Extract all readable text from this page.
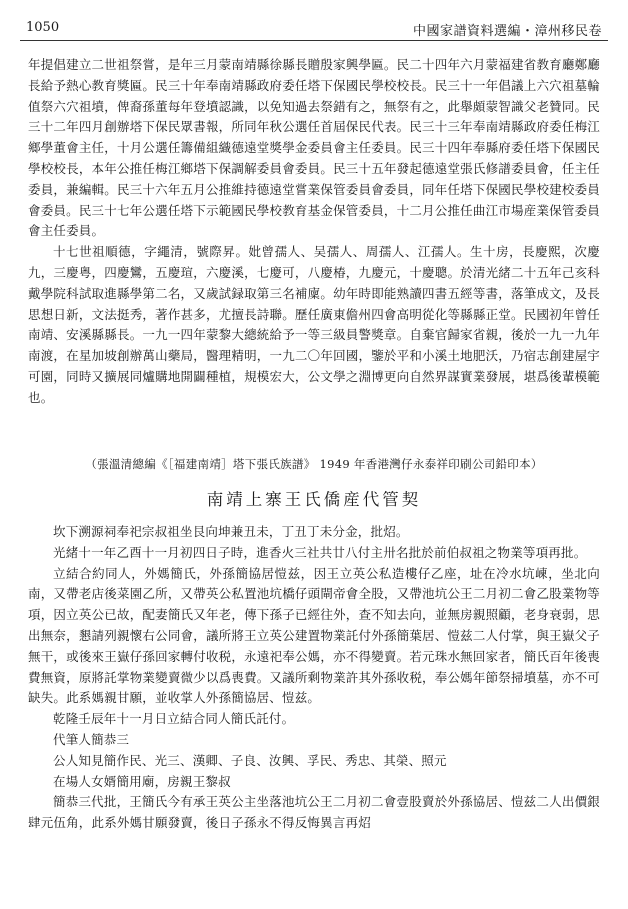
1050	中國家譜資料選編・漳州移民卷

年提倡建立二世祖祭嘗，是年三月蒙南靖縣徐縣長贈殷家興學匾。民二十四年六月蒙福建省教育廳鄭廳長給予熱心教育獎匾。民三十年奉南靖縣政府委任塔下保國民學校校長。民三十一年倡議上六穴祖墓輪值祭六穴祖墳，俾裔孫董每年登墳認識，以免知過去祭錯有之，無祭有之，此舉頗蒙智識父老贊同。民三十二年四月創辦塔下保民眾書報，所同年秋公選任首屆保民代表。民三十三年奉南靖縣政府委任梅江鄉學董會主任，十月公選任籌備組織德遠堂獎學金委員會主任委員。民三十四年奉縣府委任塔下保國民學校校長，本年公推任梅江鄉塔下保調解委員會委員。民三十五年發起德遠堂張氏修譜委員會，任主任委員，兼編輯。民三十六年五月公推維持德遠堂嘗業保管委員會委員，同年任塔下保國民學校建校委員會委員。民三十七年公選任塔下示範國民學校教育基金保管委員，十二月公推任曲江市場産業保管委員會主任委員。

十七世祖順德，字繩清，號際昇。妣曾孺人、吴孺人、周孺人、江孺人。生十房，長慶熙，次慶九，三慶粤，四慶鸞，五慶瑄，六慶溪，七慶可，八慶椿，九慶元，十慶聰。於清光緒二十五年己亥科戴學院科試取進縣學第二名，又歲試録取第三名補廩。幼年時即能熟讀四書五經等書，落筆成文，及長思想日新，文法挺秀，著作甚多，尤擅長詩聯。歷任廣東儋州四會高明從化等縣縣正堂。民國初年曾任南靖、安溪縣縣長。一九一四年蒙黎大總統給予一等三級員警獎章。自棄官歸家省親，後於一九一九年南渡，在星加坡創辦萬山藥局，醫理精明，一九二〇年回國，鑒於平和小溪土地肥沃，乃宿志創建屋宇可園，同時又擴展同爐購地開闢種植，規模宏大，公文學之淵博更向自然界謀實業發展，堪爲後輩模範也。

（張溫清總編《［福建南靖］塔下張氏族譜》 1949 年香港灣仔永泰祥印刷公司鉛印本）
南靖上寨王氏僑産代管契

坎下溯源祠奉祀宗叔祖坐艮向坤兼丑未，丁丑丁未分金，批炤。

光緒十一年乙酉十一月初四日子時，進香火三社共廿八付主卅名批於前伯叔祖之物業等項再批。

立結合約同人，外媽簡氏，外孫簡協居愷兹，因王立英公私造樓仔乙座，址在冷水坑崠，坐北向南，又帶老店後菜園乙所，又帶英公私置池坑橋仔頭閘帝會全股，又帶池坑公王二月初二會乙股業物等項，因立英公已故，配妻簡氏又年老，傳下孫子已經往外，查不知去向，並無房親照顧，老身衰弱，思出無奈，懇請列親懷右公同會，議所將王立英公建置物業託付外孫簡葉居、愷兹二人付掌，與王嶽父子無干，或後來王嶽仔孫回家轉付收税，永遠祀奉公媽，亦不得變賣。若元珠水無回家者，簡氏百年後喪費無資，原將託掌物業變賣微少以爲喪費。又議所剩物業許其外孫收税，奉公媽年節祭掃墳墓，亦不可缺失。此系媽親甘願，並收掌人外孫簡協居、愷兹。

乾隆壬辰年十一月日立結合同人簡氏託付。

代筆人簡恭三

公人知見簡作民、光三、漢卿、子良、汝興、孚民、秀忠、其榮、照元

在場人女婿簡用廟，房親王黎叔

簡恭三代批，王簡氏今有承王英公主坐落池坑公王二月初二會壹股賣於外孫協居、愷兹二人出價銀肆元伍角，此系外媽甘願發賣，後日子孫永不得反悔異言再炤
